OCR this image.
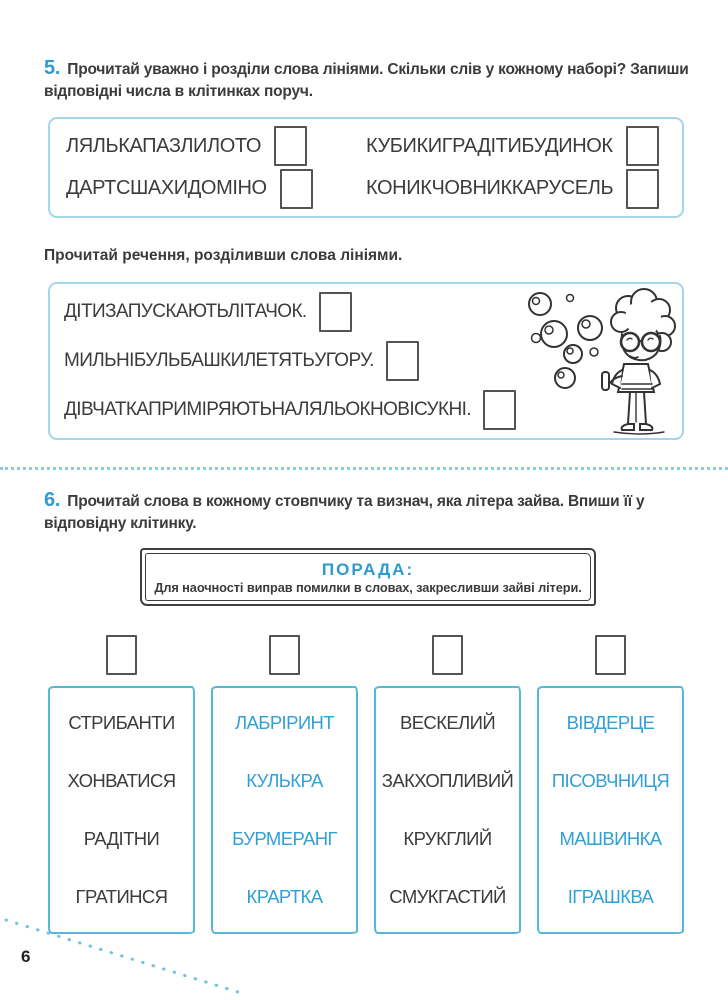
5. Прочитай уважно і розділи слова лініями. Скільки слів у кожному наборі? Запиши відповідні числа в клітинках поруч.
ЛЯЛЬКАПАЗЛИЛОТО	КУБИКИГРАДІТИБУДИНОК
ДАРТСШАХИДОМІНО	КОНИКЧОВНИККАРУСЕЛЬ
Прочитай речення, розділивши слова лініями.
ДІТИЗАПУСКАЮТЬЛІТАЧОК.
МИЛЬНІБУЛЬБАШКИЛЕТЯТЬУГОРУ.
ДІВЧАТКАПРИМІРЯЮТЬНАЛЯЛЬОКНОВІСУКНІ.
6. Прочитай слова в кожному стовпчику та визнач, яка літера зайва. Впиши її у відповідну клітинку.
ПОРАДА:
Для наочності виправ помилки в словах, закресливши зайві літери.
СТРИБАНТИ
ХОНВАТИСЯ
РАДІТНИ
ГРАТИНСЯ
ЛАБРІРИНТ
КУЛЬКРА
БУРМЕРАНГ
КРАРТКА
ВЕСКЕЛИЙ
ЗАКХОПЛИВИЙ
КРУКГЛИЙ
СМУКГАСТИЙ
ВІВДЕРЦЕ
ПІСОВЧНИЦЯ
МАШВИНКА
ІГРАШКВА
6
